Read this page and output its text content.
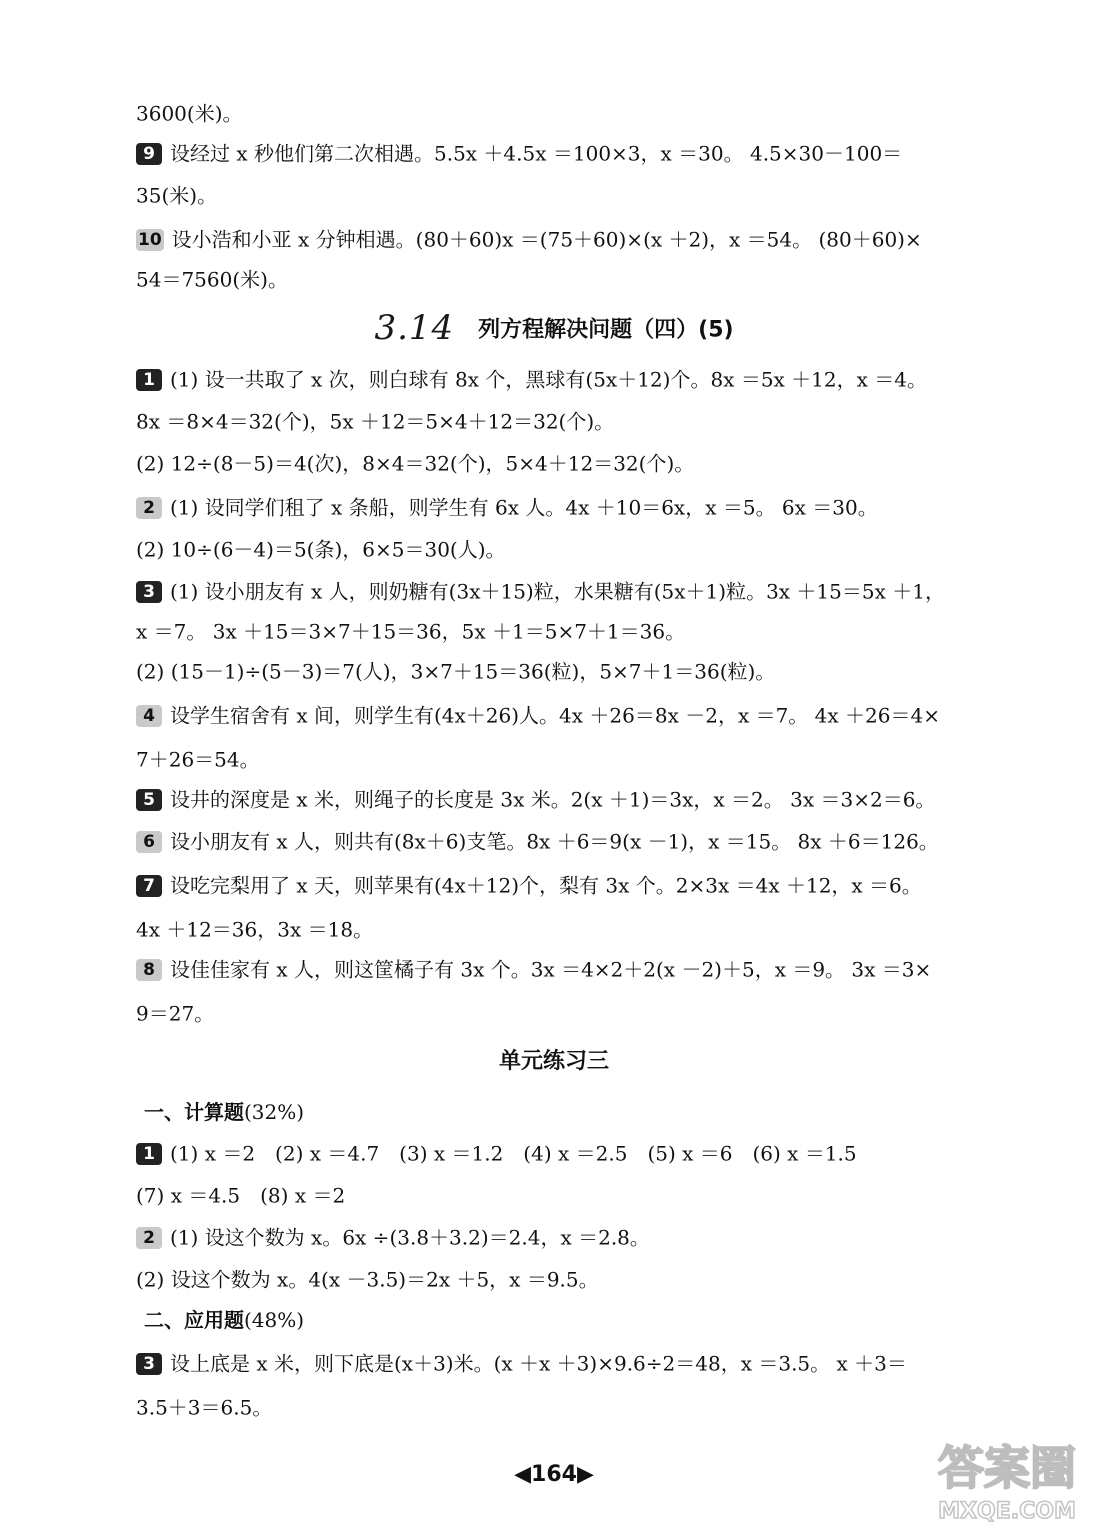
3600(米)。
9 设经过 x 秒他们第二次相遇。5.5x ＋4.5x ＝100×3，x ＝30。 4.5×30－100＝
35(米)。
10 设小浩和小亚 x 分钟相遇。(80＋60)x ＝(75＋60)×(x ＋2)，x ＝54。 (80＋60)×
54＝7560(米)。
3.14 列方程解决问题（四）(5)
1 (1) 设一共取了 x 次，则白球有 8x 个，黑球有(5x＋12)个。8x ＝5x ＋12，x ＝4。
8x ＝8×4＝32(个)，5x ＋12＝5×4＋12＝32(个)。
(2) 12÷(8－5)＝4(次)，8×4＝32(个)，5×4＋12＝32(个)。
2 (1) 设同学们租了 x 条船，则学生有 6x 人。4x ＋10＝6x，x ＝5。 6x ＝30。
(2) 10÷(6－4)＝5(条)，6×5＝30(人)。
3 (1) 设小朋友有 x 人，则奶糖有(3x＋15)粒，水果糖有(5x＋1)粒。3x ＋15＝5x ＋1，
x ＝7。 3x ＋15＝3×7＋15＝36，5x ＋1＝5×7＋1＝36。
(2) (15－1)÷(5－3)＝7(人)，3×7＋15＝36(粒)，5×7＋1＝36(粒)。
4 设学生宿舍有 x 间，则学生有(4x＋26)人。4x ＋26＝8x －2，x ＝7。 4x ＋26＝4×
7＋26＝54。
5 设井的深度是 x 米，则绳子的长度是 3x 米。2(x ＋1)＝3x，x ＝2。 3x ＝3×2＝6。
6 设小朋友有 x 人，则共有(8x＋6)支笔。8x ＋6＝9(x －1)，x ＝15。 8x ＋6＝126。
7 设吃完梨用了 x 天，则苹果有(4x＋12)个，梨有 3x 个。2×3x ＝4x ＋12，x ＝6。
4x ＋12＝36，3x ＝18。
8 设佳佳家有 x 人，则这筐橘子有 3x 个。3x ＝4×2＋2(x －2)＋5，x ＝9。 3x ＝3×
9＝27。
单元练习三
一、计算题(32%)
1 (1) x ＝2　(2) x ＝4.7　(3) x ＝1.2　(4) x ＝2.5　(5) x ＝6　(6) x ＝1.5
(7) x ＝4.5　(8) x ＝2
2 (1) 设这个数为 x。6x ÷(3.8＋3.2)＝2.4，x ＝2.8。
(2) 设这个数为 x。4(x －3.5)＝2x ＋5，x ＝9.5。
二、应用题(48%)
3 设上底是 x 米，则下底是(x＋3)米。(x ＋x ＋3)×9.6÷2＝48，x ＝3.5。 x ＋3＝
3.5＋3＝6.5。
◀164▶	答案圈
MXQE.COM
